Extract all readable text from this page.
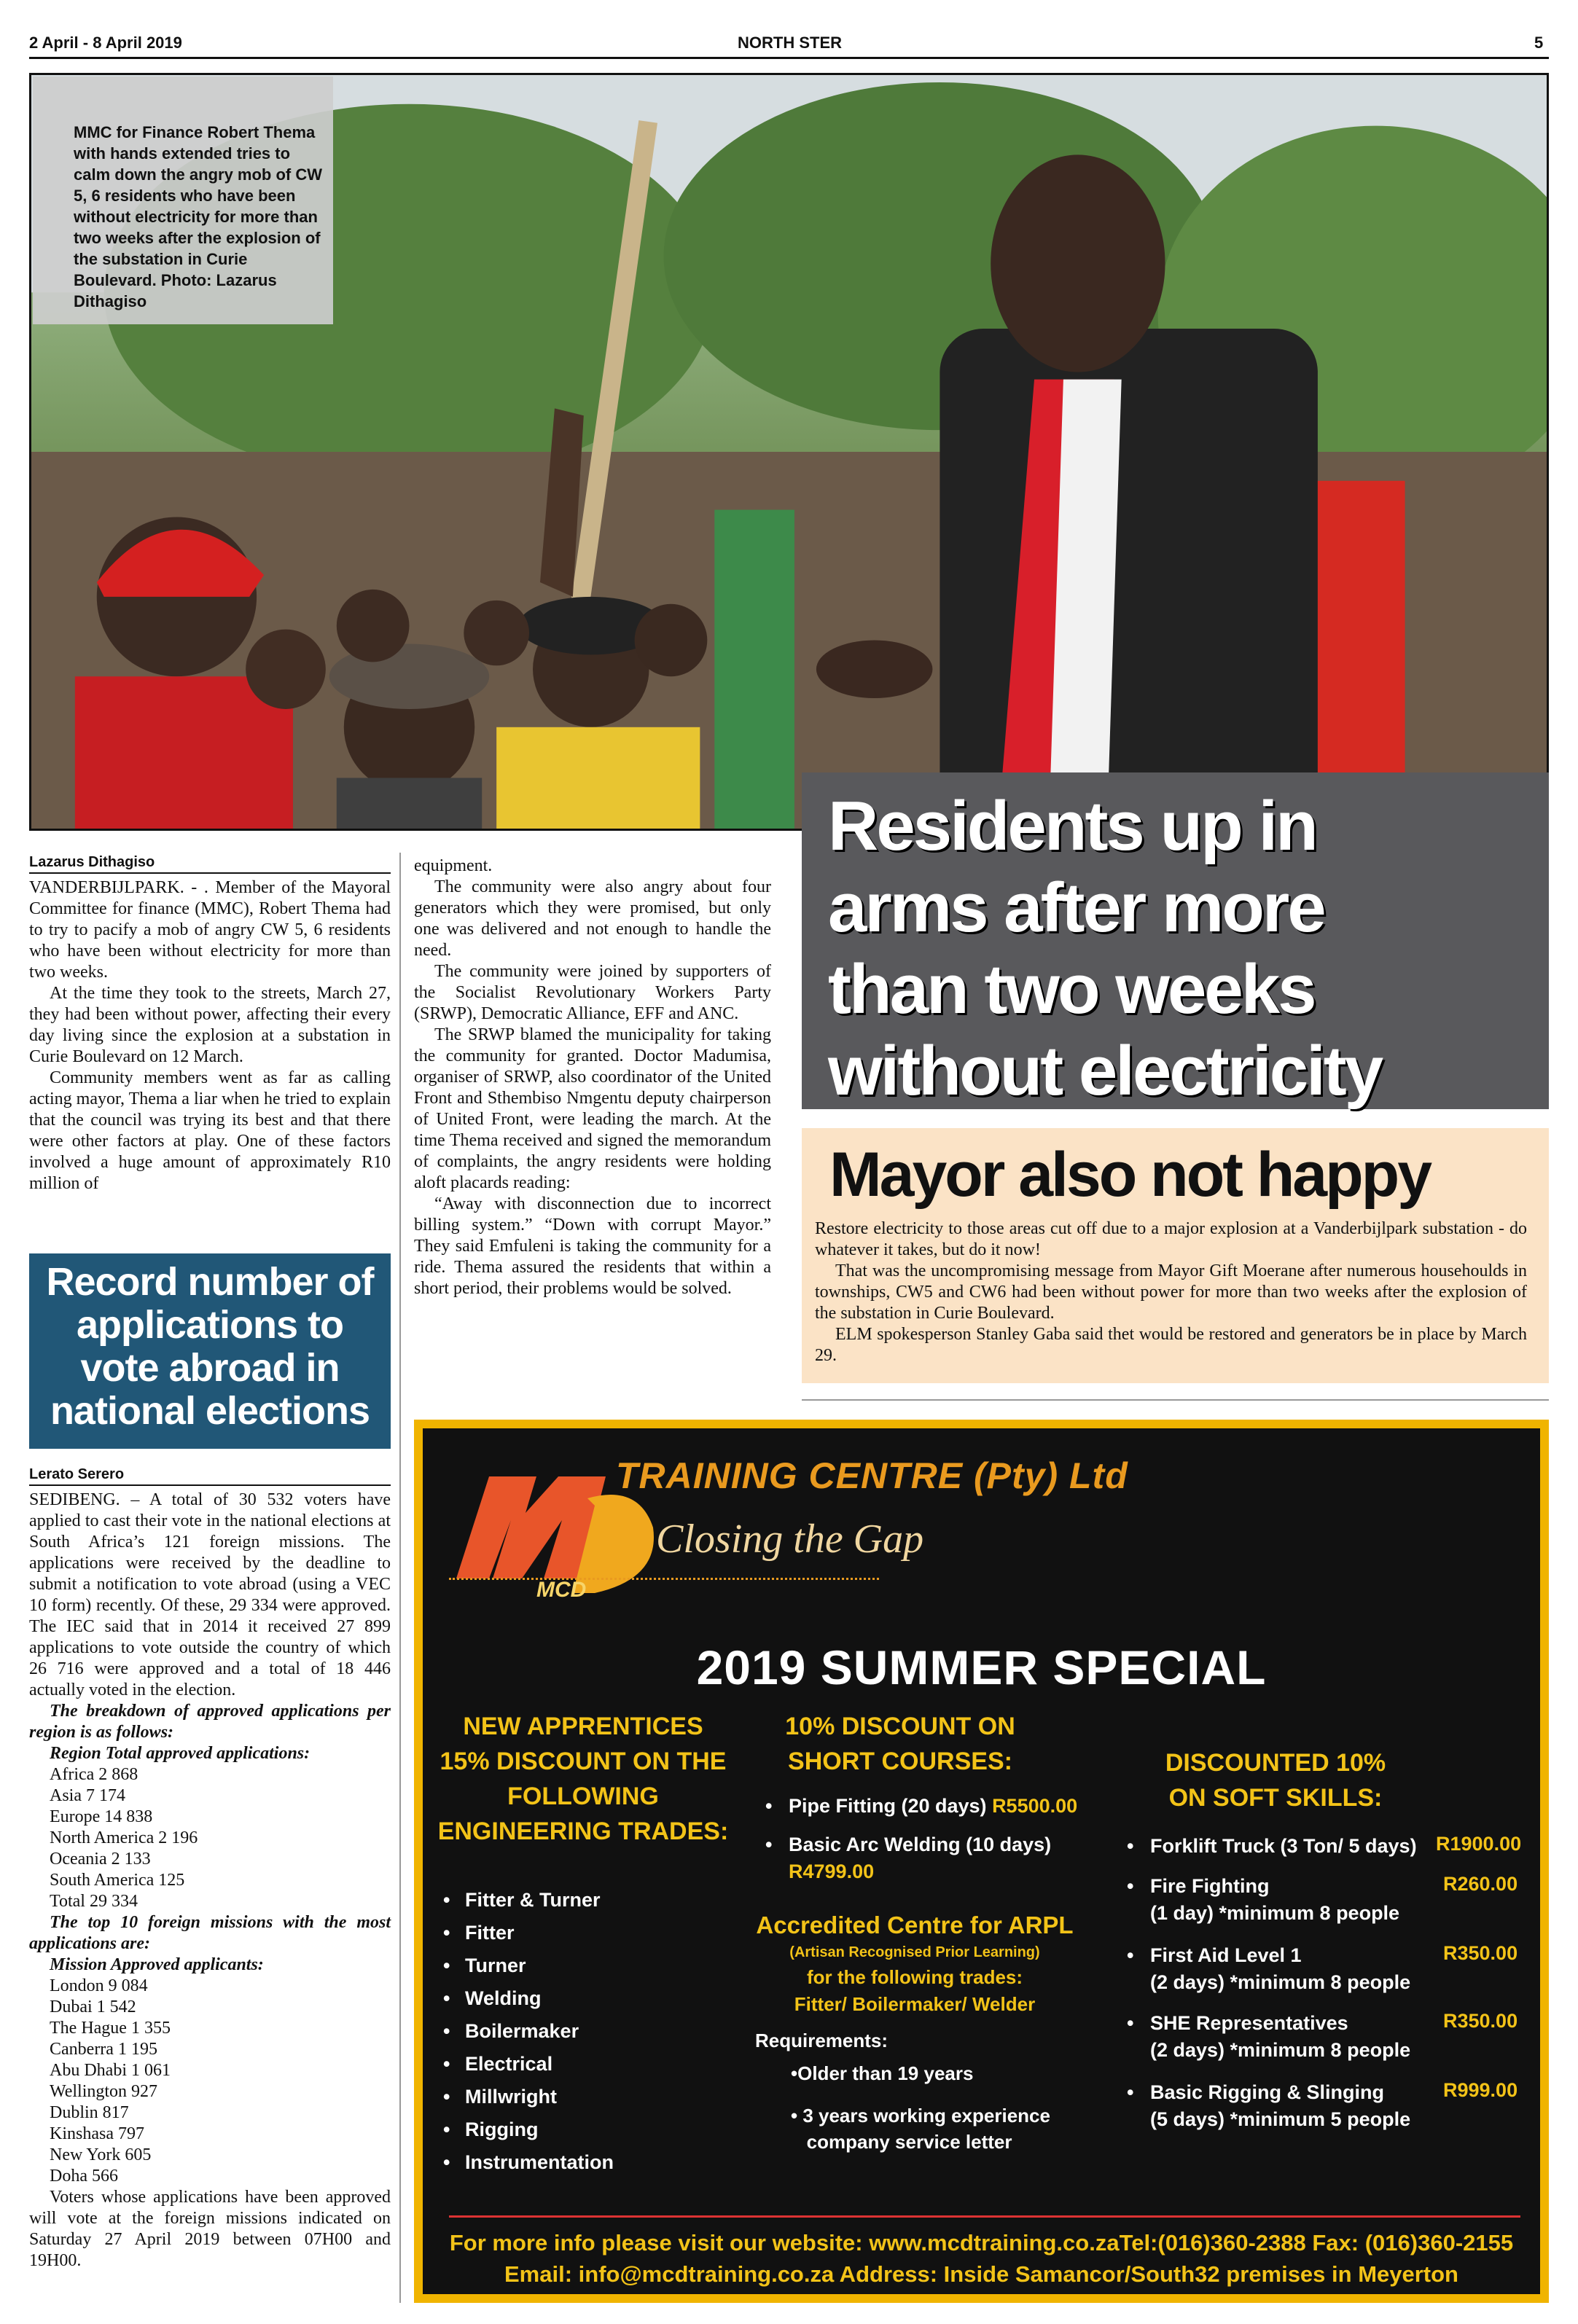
2 April - 8 April 2019	NORTH STER	5
MMC for Finance Robert Thema with hands extended tries to calm down the angry mob of CW 5, 6 residents who have been without electricity for more than two weeks after the explosion of the substation in Curie Boulevard. Photo: Lazarus Dithagiso

Residents up in

arms after more

than two weeks

without electricity

Lazarus Dithagiso

VANDERBIJLPARK. - . Member of the Mayoral Committee for finance (MMC), Robert Thema had to try to pacify a mob of angry CW 5, 6 residents who have been without electricity for more than two weeks.

At the time they took to the streets, March 27, they had been without power, affecting their every day living since the explosion at a substation in Curie Boulevard on 12 March.

Community members went as far as calling acting mayor, Thema a liar when he tried to explain that the council was trying its best and that there were other factors at play. One of these factors involved a huge amount of approximately R10 million of

equipment.

The community were also angry about four generators which they were promised, but only one was delivered and not enough to handle the need.

The community were joined by supporters of the Socialist Revolutionary Workers Party (SRWP), Democratic Alliance, EFF and ANC.

The SRWP blamed the municipality for taking the community for granted. Doctor Madumisa, organiser of SRWP, also coordinator of the United Front and Sthembiso Nmgentu deputy chairperson of United Front, were leading the march. At the time Thema received and signed the memorandum of complaints, the angry residents were holding aloft placards reading:

“Away with disconnection due to incorrect billing system.” “Down with corrupt Mayor.” They said Emfuleni is taking the community for a ride. Thema assured the residents that within a short period, their problems would be solved.

Mayor also not happy

Restore electricity to those areas cut off due to a major explosion at a Vanderbijlpark substation - do whatever it takes, but do it now!

That was the uncompromising message from Mayor Gift Moerane after numerous househoulds in townships, CW5 and CW6 had been without power for more than two weeks after the explosion of the substation in Curie Boulevard.

ELM spokesperson Stanley Gaba said thet would be restored and generators be in place by March 29.

Record number of

applications to

vote abroad in

national elections

Lerato Serero

SEDIBENG. – A total of 30 532 voters have applied to cast their vote in the national elections at South Africa’s 121 foreign missions. The applications were received by the deadline to submit a notification to vote abroad (using a VEC 10 form) recently. Of these, 29 334 were approved. The IEC said that in 2014 it received 27 899 applications to vote outside the country of which 26 716 were approved and a total of 18 446 actually voted in the election.

The breakdown of approved applications per region is as follows:

Region Total approved applications:

Africa 2 868

Asia 7 174

Europe 14 838

North America 2 196

Oceania 2 133

South America 125

Total 29 334

The top 10 foreign missions with the most applications are:

Mission Approved applicants:

London 9 084

Dubai 1 542

The Hague 1 355

Canberra 1 195

Abu Dhabi 1 061

Wellington 927

Dublin 817

Kinshasa 797

New York 605

Doha 566

Voters whose applications have been approved will vote at the foreign missions indicated on Saturday 27 April 2019 between 07H00 and 19H00.

MCD
TRAINING CENTRE (Pty) Ltd
Closing the Gap
2019 SUMMER SPECIAL
NEW APPRENTICES
15% DISCOUNT ON THE
FOLLOWING
ENGINEERING TRADES:
• Fitter & Turner
• Fitter
• Turner
• Welding
• Boilermaker
• Electrical
• Millwright
• Rigging
• Instrumentation
10% DISCOUNT ON
SHORT COURSES:
• Pipe Fitting (20 days) R5500.00
• Basic Arc Welding (10 days)
R4799.00
Accredited Centre for ARPL
(Artisan Recognised Prior Learning)
for the following trades:
Fitter/ Boilermaker/ Welder
Requirements:
•Older than 19 years
• 3 years working experience
company service letter
DISCOUNTED 10%
ON SOFT SKILLS:
• Forklift Truck (3 Ton/ 5 days) R1900.00
• Fire Fighting
(1 day) *minimum 8 people
R260.00
• First Aid Level 1
(2 days) *minimum 8 people
R350.00
• SHE Representatives
(2 days) *minimum 8 people
R350.00
• Basic Rigging & Slinging
(5 days) *minimum 5 people
R999.00
For more info please visit our website: www.mcdtraining.co.zaTel:(016)360-2388 Fax: (016)360-2155
Email: info@mcdtraining.co.za Address: Inside Samancor/South32 premises in Meyerton
